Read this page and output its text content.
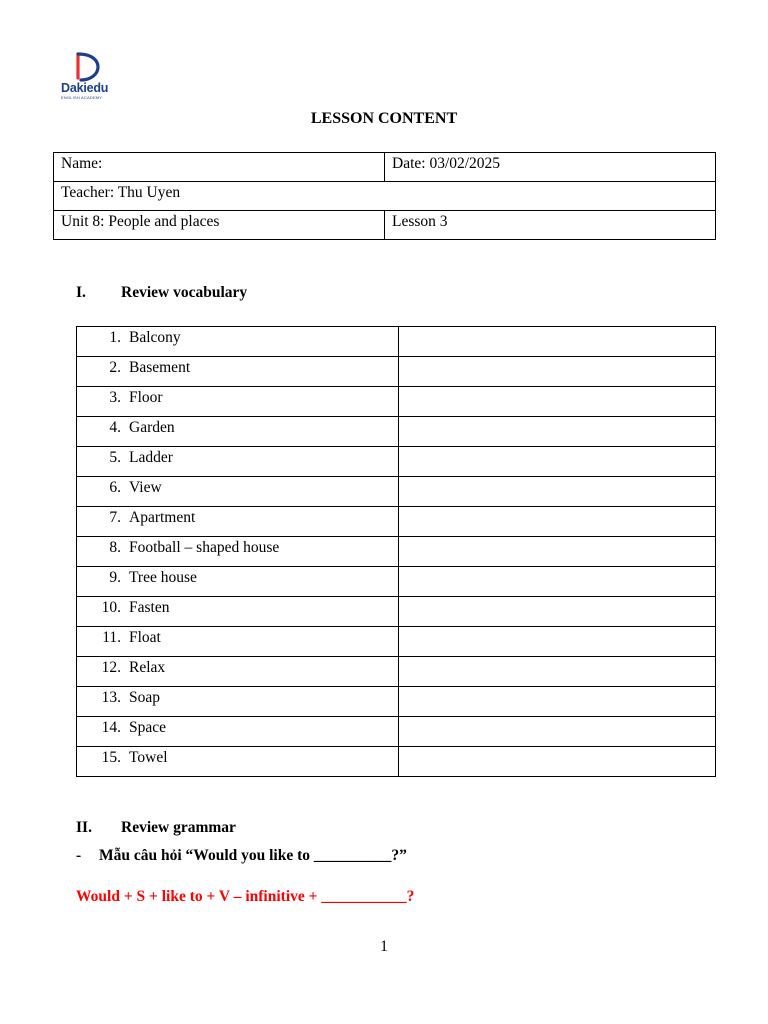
Dakiedu
ENGLISH ACADEMY
LESSON CONTENT
Name:	Date: 03/02/2025
Teacher: Thu Uyen	
Unit 8: People and places	Lesson 3
I. Review vocabulary
1. Balcony	
2. Basement	
3. Floor	
4. Garden	
5. Ladder	
6. View	
7. Apartment	
8. Football – shaped house	
9. Tree house	
10. Fasten	
11. Float	
12. Relax	
13. Soap	
14. Space	
15. Towel	
II. Review grammar
- Mẫu câu hỏi “Would you like to __________?”
Would + S + like to + V – infinitive + ___________?
1
